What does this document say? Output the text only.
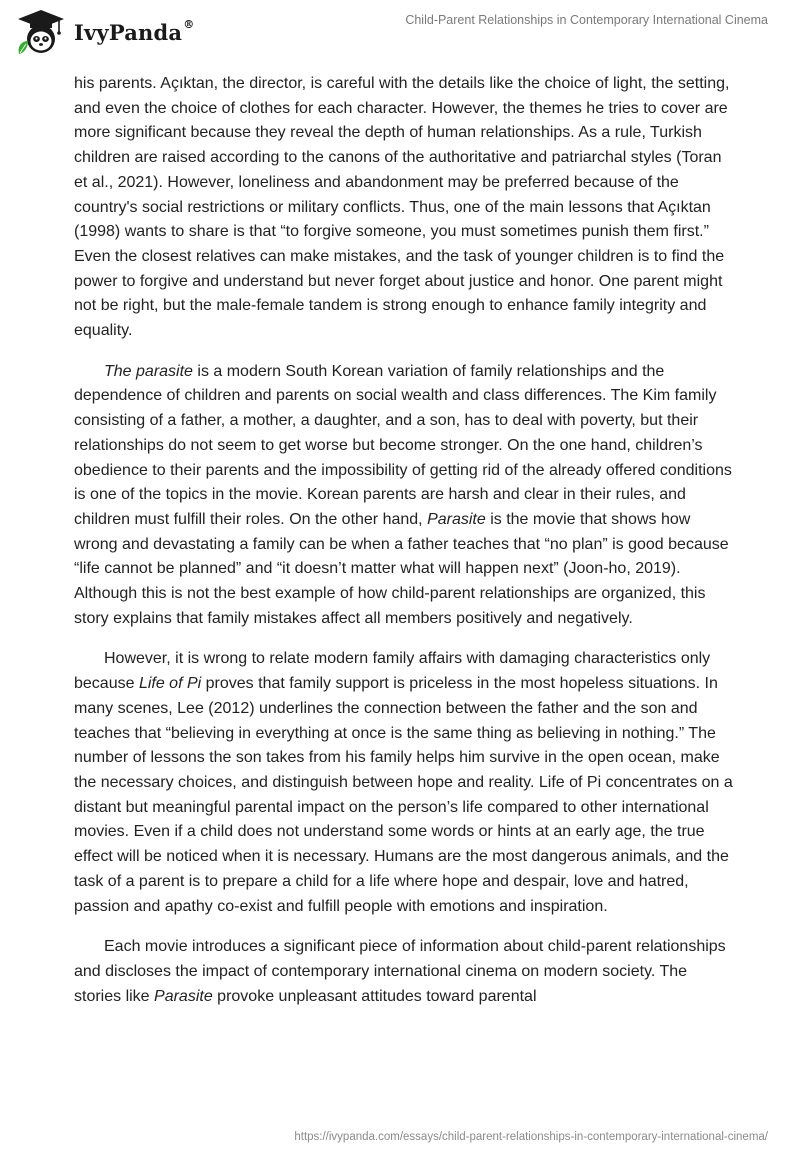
IvyPanda®	Child-Parent Relationships in Contemporary International Cinema

his parents. Açıktan, the director, is careful with the details like the choice of light, the setting, and even the choice of clothes for each character. However, the themes he tries to cover are more significant because they reveal the depth of human relationships. As a rule, Turkish children are raised according to the canons of the authoritative and patriarchal styles (Toran et al., 2021). However, loneliness and abandonment may be preferred because of the country's social restrictions or military conflicts. Thus, one of the main lessons that Açıktan (1998) wants to share is that “to forgive someone, you must sometimes punish them first.” Even the closest relatives can make mistakes, and the task of younger children is to find the power to forgive and understand but never forget about justice and honor. One parent might not be right, but the male-female tandem is strong enough to enhance family integrity and equality.

The parasite is a modern South Korean variation of family relationships and the dependence of children and parents on social wealth and class differences. The Kim family consisting of a father, a mother, a daughter, and a son, has to deal with poverty, but their relationships do not seem to get worse but become stronger. On the one hand, children’s obedience to their parents and the impossibility of getting rid of the already offered conditions is one of the topics in the movie. Korean parents are harsh and clear in their rules, and children must fulfill their roles. On the other hand, Parasite is the movie that shows how wrong and devastating a family can be when a father teaches that “no plan” is good because “life cannot be planned” and “it doesn’t matter what will happen next” (Joon-ho, 2019). Although this is not the best example of how child-parent relationships are organized, this story explains that family mistakes affect all members positively and negatively.

However, it is wrong to relate modern family affairs with damaging characteristics only because Life of Pi proves that family support is priceless in the most hopeless situations. In many scenes, Lee (2012) underlines the connection between the father and the son and teaches that “believing in everything at once is the same thing as believing in nothing.” The number of lessons the son takes from his family helps him survive in the open ocean, make the necessary choices, and distinguish between hope and reality. Life of Pi concentrates on a distant but meaningful parental impact on the person’s life compared to other international movies. Even if a child does not understand some words or hints at an early age, the true effect will be noticed when it is necessary. Humans are the most dangerous animals, and the task of a parent is to prepare a child for a life where hope and despair, love and hatred, passion and apathy co-exist and fulfill people with emotions and inspiration.

Each movie introduces a significant piece of information about child-parent relationships and discloses the impact of contemporary international cinema on modern society. The stories like Parasite provoke unpleasant attitudes toward parental

https://ivypanda.com/essays/child-parent-relationships-in-contemporary-international-cinema/
